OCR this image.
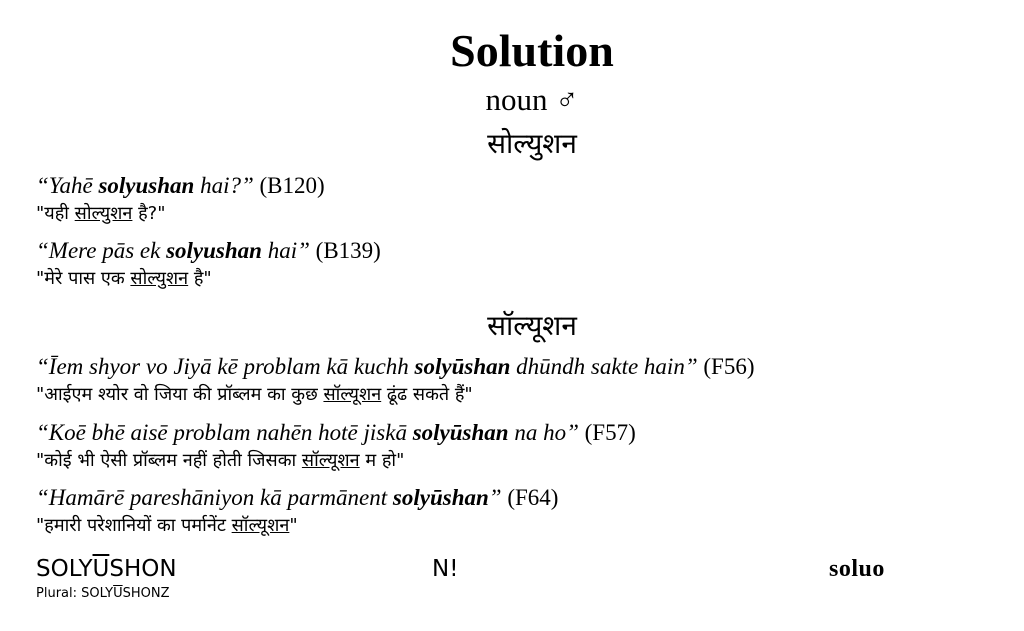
Solution
noun ♂
सोल्युशन
“Yahē solyushan hai?” (B120)
"यही सोल्युशन है?"
“Mere pās ek solyushan hai” (B139)
"मेरे पास एक सोल्युशन है"
सॉल्यूशन
“Īem shyor vo Jiyā kē problam kā kuchh solyūshan dhūndh sakte hain” (F56)
"आईएम श्योर वो जिया की प्रॉब्लम का कुछ सॉल्यूशन ढूंढ सकते हैं"
“Koē bhē aisē problam nahēn hotē jiskā solyūshan na ho” (F57)
"कोई भी ऐसी प्रॉब्लम नहीं होती जिसका सॉल्यूशन म हो"
“Hamārē pareshāniyon kā parmānent solyūshan” (F64)
"हमारी परेशानियों का पर्मानेंट सॉल्यूशन"
$SOLY\overline{U}SHON$
Plural: $SOLY\overline{U}SHONZ$
N!	soluo
